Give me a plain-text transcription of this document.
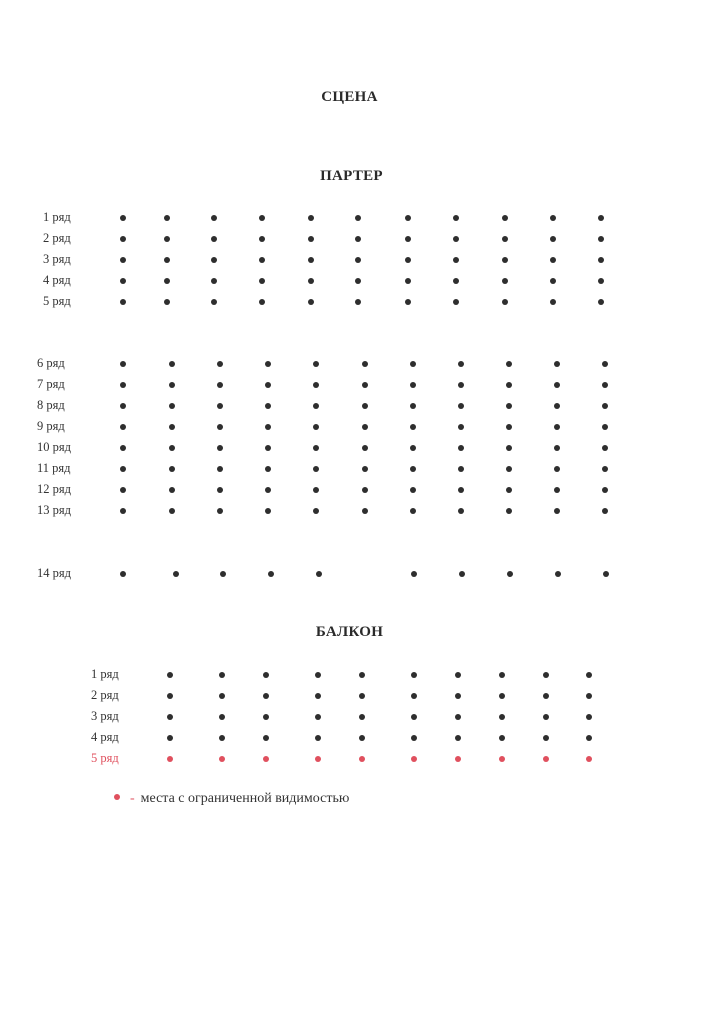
СЦЕНА
ПАРТЕР
1 ряд
2 ряд
3 ряд
4 ряд
5 ряд
6 ряд
7 ряд
8 ряд
9 ряд
10 ряд
11 ряд
12 ряд
13 ряд
14 ряд
БАЛКОН
1 ряд
2 ряд
3 ряд
4 ряд
5 ряд
- места с ограниченной видимостью
